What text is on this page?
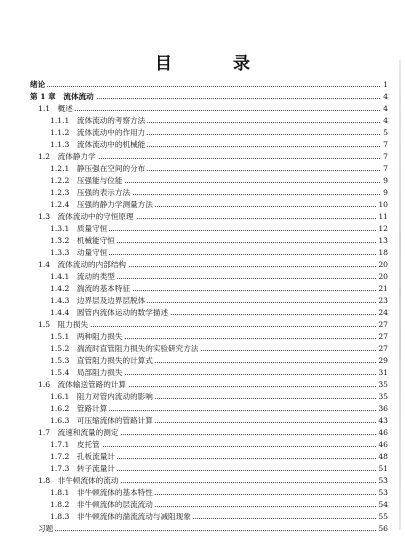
目　录
绪论	1
第 1 章　流体流动	4
1.1　概述	4
1.1.1　流体流动的考察方法	4
1.1.2　流体流动中的作用力	5
1.1.3　流体流动中的机械能	7
1.2　流体静力学	7
1.2.1　静压强在空间的分布	7
1.2.2　压强能与位能	9
1.2.3　压强的表示方法	9
1.2.4　压强的静力学测量方法	10
1.3　流体流动中的守恒原理	11
1.3.1　质量守恒	12
1.3.2　机械能守恒	13
1.3.3　动量守恒	18
1.4　流体流动的内部结构	20
1.4.1　流动的类型	20
1.4.2　湍流的基本特征	21
1.4.3　边界层及边界层脱体	23
1.4.4　圆管内流体运动的数学描述	24
1.5　阻力损失	27
1.5.1　两种阻力损失	27
1.5.2　湍流时直管阻力损失的实验研究方法	27
1.5.3　直管阻力损失的计算式	29
1.5.4　局部阻力损失	31
1.6　流体输送管路的计算	35
1.6.1　阻力对管内流动的影响	35
1.6.2　管路计算	36
1.6.3　可压缩流体的管路计算	43
1.7　流速和流量的测定	46
1.7.1　皮托管	46
1.7.2　孔板流量计	48
1.7.3　转子流量计	51
1.8　非牛顿流体的流动	53
1.8.1　非牛顿流体的基本特性	53
1.8.2　非牛顿流体的层流流动	54
1.8.3　非牛顿流体的湍流流动与减阻现象	55
习题	56
